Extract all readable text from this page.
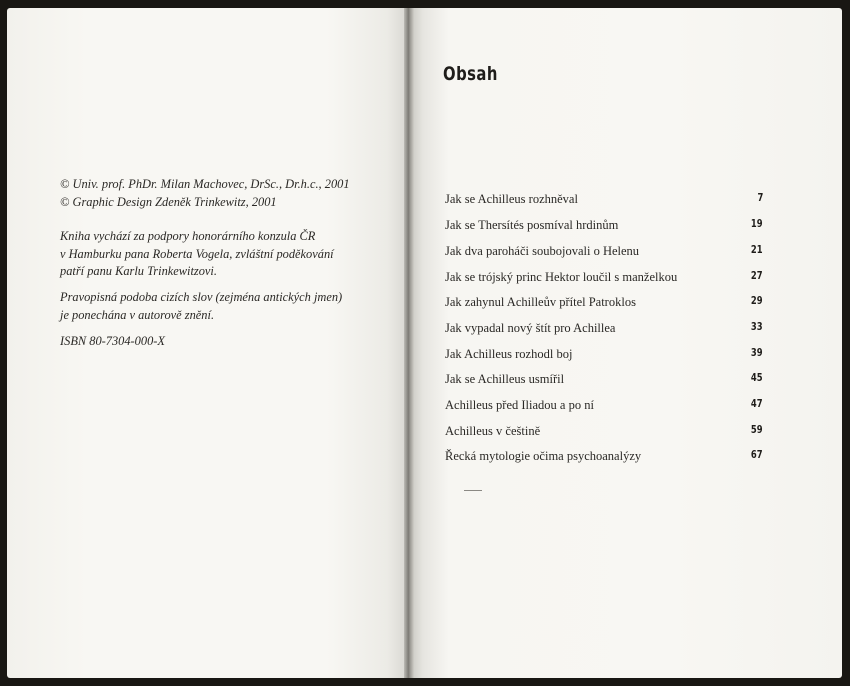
© Univ. prof. PhDr. Milan Machovec, DrSc., Dr.h.c., 2001
© Graphic Design Zdeněk Trinkewitz, 2001
Kniha vychází za podpory honorárního konzula ČR
v Hamburku pana Roberta Vogela, zvláštní poděkování
patří panu Karlu Trinkewitzovi.
Pravopisná podoba cizích slov (zejména antických jmen)
je ponechána v autorově znění.
ISBN 80-7304-000-X
Obsah
Jak se Achilleus rozhněval	7
Jak se Thersítés posmíval hrdinům	19
Jak dva paroháči soubojovali o Helenu	21
Jak se trójský princ Hektor loučil s manželkou	27
Jak zahynul Achilleův přítel Patroklos	29
Jak vypadal nový štít pro Achillea	33
Jak Achilleus rozhodl boj	39
Jak se Achilleus usmířil	45
Achilleus před Iliadou a po ní	47
Achilleus v češtině	59
Řecká mytologie očima psychoanalýzy	67
